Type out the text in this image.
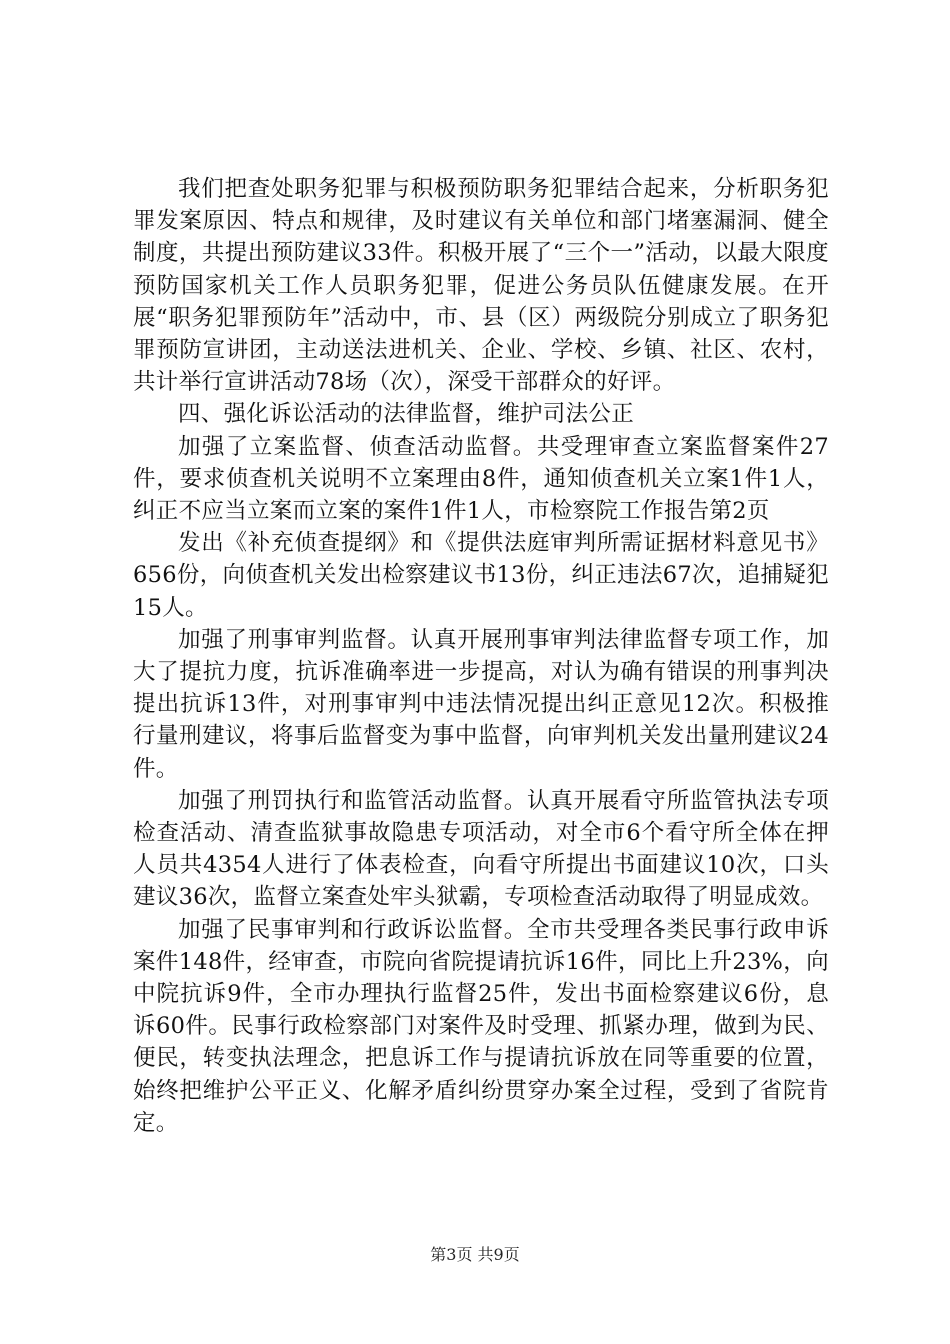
我们把查处职务犯罪与积极预防职务犯罪结合起来，分析职务犯罪发案原因、特点和规律，及时建议有关单位和部门堵塞漏洞、健全制度，共提出预防建议33件。积极开展了“三个一”活动，以最大限度预防国家机关工作人员职务犯罪，促进公务员队伍健康发展。在开展“职务犯罪预防年”活动中，市、县（区）两级院分别成立了职务犯罪预防宣讲团，主动送法进机关、企业、学校、乡镇、社区、农村，共计举行宣讲活动78场（次），深受干部群众的好评。

四、强化诉讼活动的法律监督，维护司法公正

加强了立案监督、侦查活动监督。共受理审查立案监督案件27件，要求侦查机关说明不立案理由8件，通知侦查机关立案1件1人，纠正不应当立案而立案的案件1件1人，市检察院工作报告第2页

发出《补充侦查提纲》和《提供法庭审判所需证据材料意见书》656份，向侦查机关发出检察建议书13份，纠正违法67次，追捕疑犯15人。

加强了刑事审判监督。认真开展刑事审判法律监督专项工作，加大了提抗力度，抗诉准确率进一步提高，对认为确有错误的刑事判决提出抗诉13件，对刑事审判中违法情况提出纠正意见12次。积极推行量刑建议，将事后监督变为事中监督，向审判机关发出量刑建议24件。

加强了刑罚执行和监管活动监督。认真开展看守所监管执法专项检查活动、清查监狱事故隐患专项活动，对全市6个看守所全体在押人员共4354人进行了体表检查，向看守所提出书面建议10次，口头建议36次，监督立案查处牢头狱霸，专项检查活动取得了明显成效。

加强了民事审判和行政诉讼监督。全市共受理各类民事行政申诉案件148件，经审查，市院向省院提请抗诉16件，同比上升23%，向中院抗诉9件，全市办理执行监督25件，发出书面检察建议6份，息诉60件。民事行政检察部门对案件及时受理、抓紧办理，做到为民、便民，转变执法理念，把息诉工作与提请抗诉放在同等重要的位置，始终把维护公平正义、化解矛盾纠纷贯穿办案全过程，受到了省院肯定。

第3页 共9页
